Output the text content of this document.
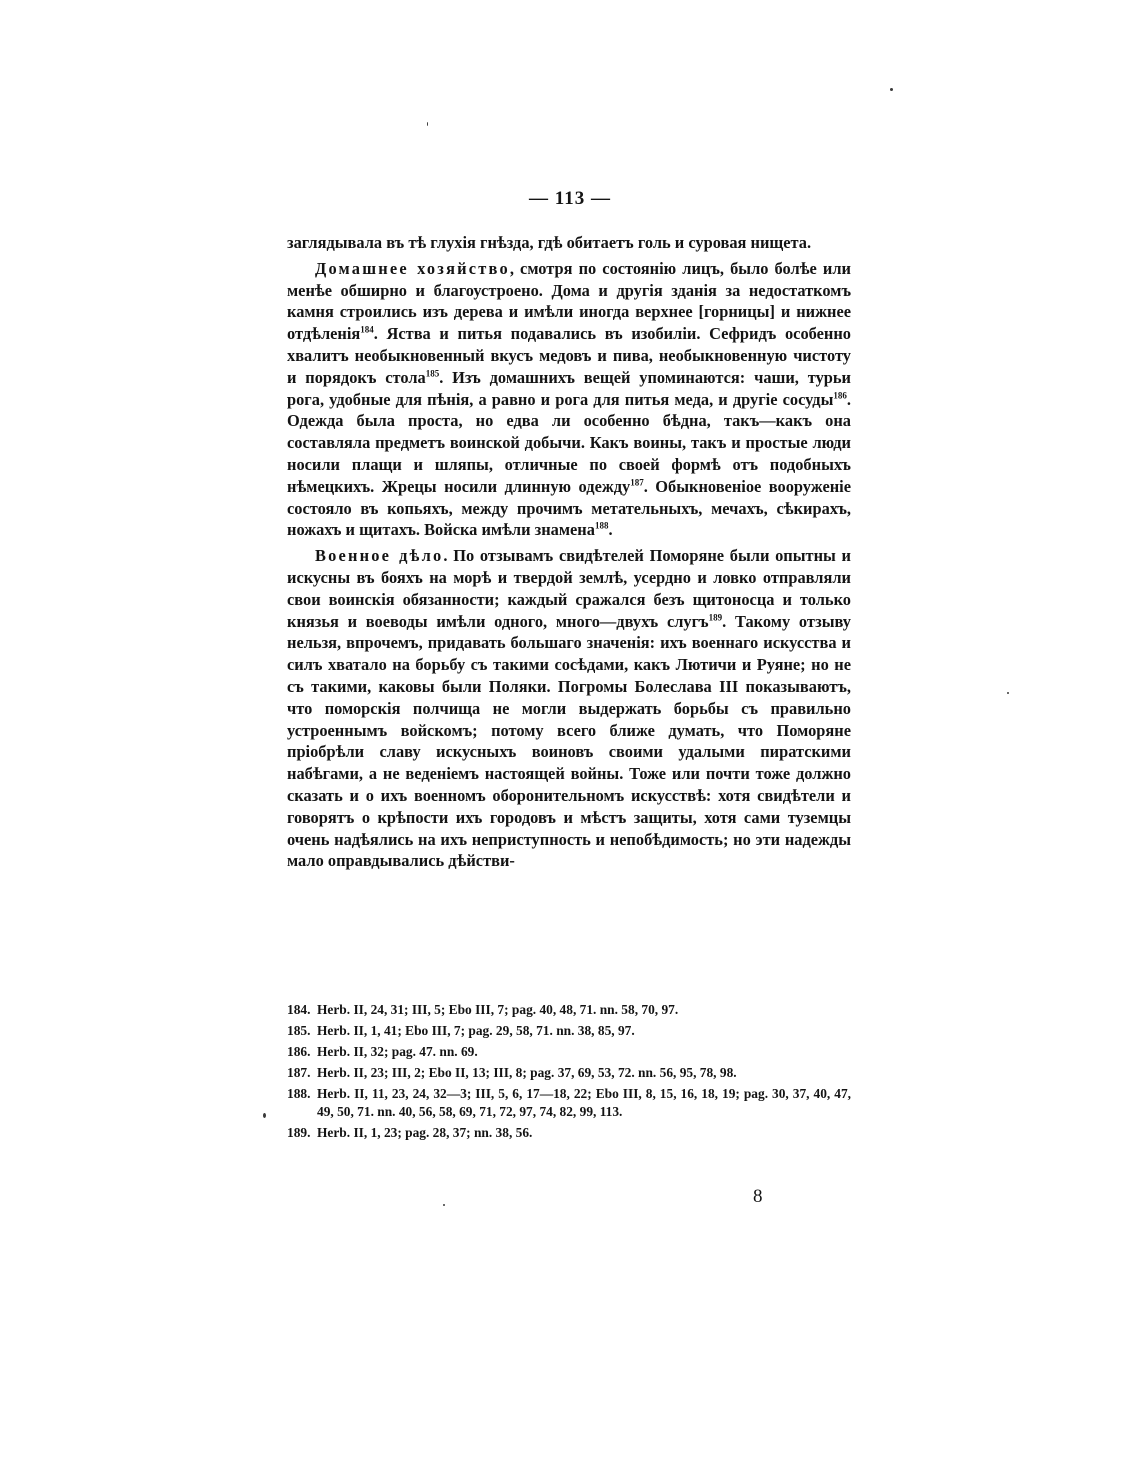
— 113 —

заглядывала въ тѣ глухія гнѣзда, гдѣ обитаетъ голь и суровая нищета.

Домашнее хозяйство, смотря по состоянію лицъ, было болѣе или менѣе обширно и благоустроено. Дома и другія зданія за недостаткомъ камня строились изъ дерева и имѣли иногда верхнее [горницы] и нижнее отдѣленія$^{184}$. Яства и питья подавались въ изобиліи. Сефридъ особенно хвалитъ необыкновенный вкусъ медовъ и пива, необыкновенную чистоту и порядокъ стола$^{185}$. Изъ домашнихъ вещей упоминаются: чаши, турьи рога, удобные для пѣнія, а равно и рога для питья меда, и другіе сосуды$^{186}$. Одежда была проста, но едва ли особенно бѣдна, такъ—какъ она составляла предметъ воинской добычи. Какъ воины, такъ и простые люди носили плащи и шляпы, отличные по своей формѣ отъ подобныхъ нѣмецкихъ. Жрецы носили длинную одежду$^{187}$. Обыкновеніое вооруженіе состояло въ копьяхъ, между прочимъ метательныхъ, мечахъ, сѣкирахъ, ножахъ и щитахъ. Войска имѣли знамена$^{188}$.

Военное дѣло. По отзывамъ свидѣтелей Поморяне были опытны и искусны въ бояхъ на морѣ и твердой землѣ, усердно и ловко отправляли свои воинскія обязанности; каждый сражался безъ щитоносца и только князья и воеводы имѣли одного, много—двухъ слугъ$^{189}$. Такому отзыву нельзя, впрочемъ, придавать большаго значенія: ихъ военнаго искусства и силъ хватало на борьбу съ такими сосѣдами, какъ Лютичи и Руяне; но не съ такими, каковы были Поляки. Погромы Болеслава III показываютъ, что поморскія полчища не могли выдержать борьбы съ правильно устроеннымъ войскомъ; потому всего ближе думать, что Поморяне пріобрѣли славу искусныхъ воиновъ своими удалыми пиратскими набѣгами, а не веденіемъ настоящей войны. Тоже или почти тоже должно сказать и о ихъ военномъ оборонительномъ искусствѣ: хотя свидѣтели и говорятъ о крѣпости ихъ городовъ и мѣстъ защиты, хотя сами туземцы очень надѣялись на ихъ неприступность и непобѣдимость; но эти надежды мало оправдывались дѣйстви-

184. Herb. II, 24, 31; III, 5; Ebo III, 7; pag. 40, 48, 71. nn. 58, 70, 97.

185. Herb. II, 1, 41; Ebo III, 7; pag. 29, 58, 71. nn. 38, 85, 97.

186. Herb. II, 32; pag. 47. nn. 69.

187. Herb. II, 23; III, 2; Ebo II, 13; III, 8; pag. 37, 69, 53, 72. nn. 56, 95, 78, 98.

188. Herb. II, 11, 23, 24, 32—3; III, 5, 6, 17—18, 22; Ebo III, 8, 15, 16, 18, 19; pag. 30, 37, 40, 47, 49, 50, 71. nn. 40, 56, 58, 69, 71, 72, 97, 74, 82, 99, 113.

189. Herb. II, 1, 23; pag. 28, 37; nn. 38, 56.

8
